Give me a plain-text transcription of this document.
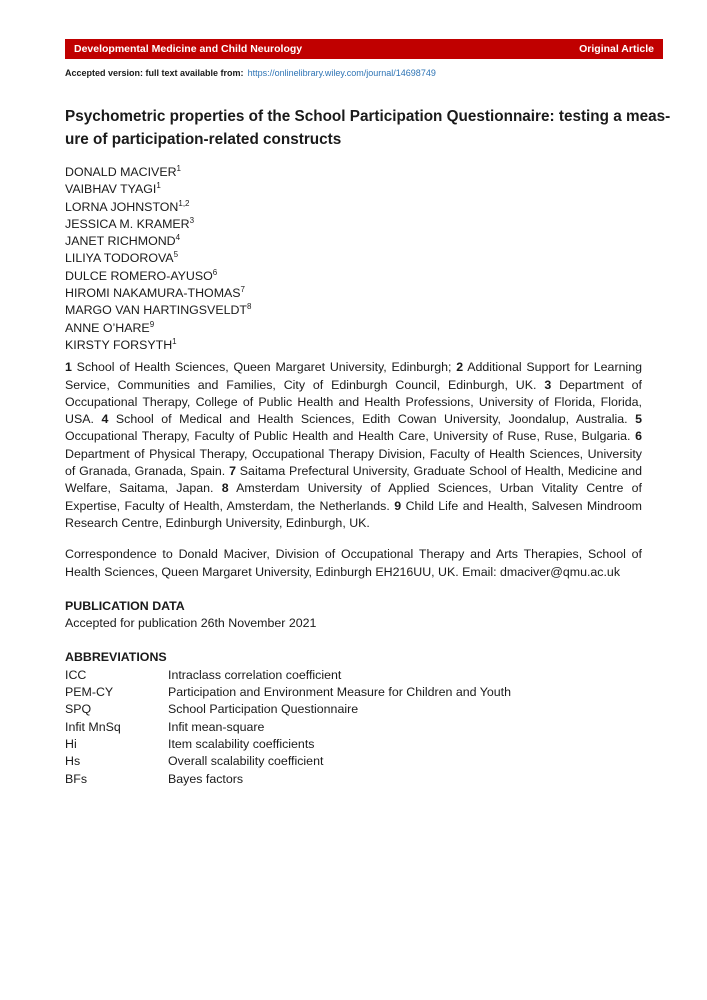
Developmental Medicine and Child Neurology	Original Article
Accepted version: full text available from: https://onlinelibrary.wiley.com/journal/14698749
Psychometric properties of the School Participation Questionnaire: testing a meas-
ure of participation-related constructs
DONALD MACIVER$^1$
VAIBHAV TYAGI$^1$
LORNA JOHNSTON$^{1,2}$
JESSICA M. KRAMER$^3$
JANET RICHMOND$^4$
LILIYA TODOROVA$^5$
DULCE ROMERO-AYUSO$^6$
HIROMI NAKAMURA-THOMAS$^7$
MARGO VAN HARTINGSVELDT$^8$
ANNE O’HARE$^9$
KIRSTY FORSYTH$^1$

1 School of Health Sciences, Queen Margaret University, Edinburgh; 2 Additional Support for Learning Service, Communities and Families, City of Edinburgh Council, Edinburgh, UK. 3 Department of Occupational Therapy, College of Public Health and Health Professions, University of Florida, Florida, USA. 4 School of Medical and Health Sciences, Edith Cowan University, Joondalup, Australia. 5 Occupational Therapy, Faculty of Public Health and Health Care, University of Ruse, Ruse, Bulgaria. 6 Department of Physical Therapy, Occupational Therapy Division, Faculty of Health Sciences, University of Granada, Granada, Spain. 7 Saitama Prefectural University, Graduate School of Health, Medicine and Welfare, Saitama, Japan. 8 Amsterdam University of Applied Sciences, Urban Vitality Centre of Expertise, Faculty of Health, Amsterdam, the Netherlands. 9 Child Life and Health, Salvesen Mindroom Research Centre, Edinburgh University, Edinburgh, UK.

Correspondence to Donald Maciver, Division of Occupational Therapy and Arts Therapies, School of Health Sciences, Queen Margaret University, Edinburgh EH216UU, UK. Email: dmaciver@qmu.ac.uk

PUBLICATION DATA
Accepted for publication 26th November 2021
ABBREVIATIONS
ICC	Intraclass correlation coefficient
PEM-CY	Participation and Environment Measure for Children and Youth
SPQ	School Participation Questionnaire
Infit MnSq	Infit mean-square
Hi	Item scalability coefficients
Hs	Overall scalability coefficient
BFs	Bayes factors
